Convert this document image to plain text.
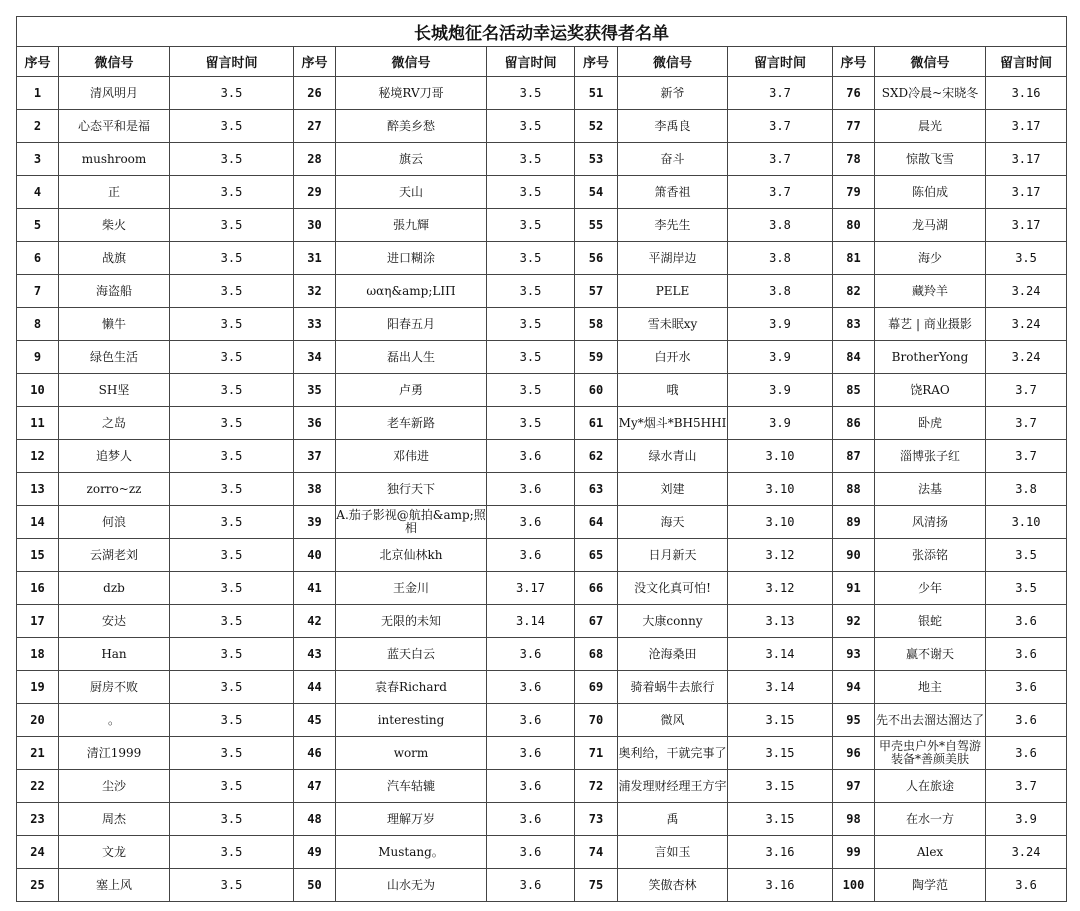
长城炮征名活动幸运奖获得者名单											
序号	微信号	留言时间	序号	微信号	留言时间	序号	微信号	留言时间	序号	微信号	留言时间
1	清风明月	3.5	26	秘境RV刀哥	3.5	51	新爷	3.7	76	SXD冷晨~宋晓冬	3.16
2	心态平和是福	3.5	27	醉美乡愁	3.5	52	李禹良	3.7	77	晨光	3.17
3	mushroom	3.5	28	旗云	3.5	53	奋斗	3.7	78	惊散飞雪	3.17
4	正	3.5	29	天山	3.5	54	箫香祖	3.7	79	陈伯成	3.17
5	柴火	3.5	30	張九輝	3.5	55	李先生	3.8	80	龙马湖	3.17
6	战旗	3.5	31	进口糊涂	3.5	56	平湖岸边	3.8	81	海少	3.5
7	海盗船	3.5	32	ωαη&amp;LΙΠ	3.5	57	PELE	3.8	82	藏羚羊	3.24
8	懒牛	3.5	33	阳春五月	3.5	58	雪未眠xy	3.9	83	幕艺 | 商业摄影	3.24
9	绿色生活	3.5	34	磊出人生	3.5	59	白开水	3.9	84	BrotherYong	3.24
10	SH坚	3.5	35	卢勇	3.5	60	哦	3.9	85	饶RAO	3.7
11	之岛	3.5	36	老车新路	3.5	61	My*烟斗*BH5HHI	3.9	86	卧虎	3.7
12	追梦人	3.5	37	邓伟进	3.6	62	绿水青山	3.10	87	淄博张子红	3.7
13	zorro~zz	3.5	38	独行天下	3.6	63	刘建	3.10	88	法基	3.8
14	何浪	3.5	39	A.茄子影视@航拍&amp;照相	3.6	64	海天	3.10	89	风清扬	3.10
15	云湖老刘	3.5	40	北京仙林kh	3.6	65	日月新天	3.12	90	张添铭	3.5
16	dzb	3.5	41	王金川	3.17	66	没文化真可怕!	3.12	91	少年	3.5
17	安达	3.5	42	无限的未知	3.14	67	大康conny	3.13	92	银蛇	3.6
18	Han	3.5	43	蓝天白云	3.6	68	沧海桑田	3.14	93	赢不谢天	3.6
19	厨房不败	3.5	44	袁春Richard	3.6	69	骑着蜗牛去旅行	3.14	94	地主	3.6
20	。	3.5	45	interesting	3.6	70	微风	3.15	95	先不出去溜达溜达了	3.6
21	清江1999	3.5	46	worm	3.6	71	奥利给，干就完事了	3.15	96	甲壳虫户外*自驾游装备*善颜美肤	3.6
22	尘沙	3.5	47	汽车轱辘	3.6	72	浦发理财经理王方宇	3.15	97	人在旅途	3.7
23	周杰	3.5	48	理解万岁	3.6	73	禹	3.15	98	在水一方	3.9
24	文龙	3.5	49	Mustang。	3.6	74	言如玉	3.16	99	Alex	3.24
25	塞上风	3.5	50	山水无为	3.6	75	笑傲杏林	3.16	100	陶学范	3.6
